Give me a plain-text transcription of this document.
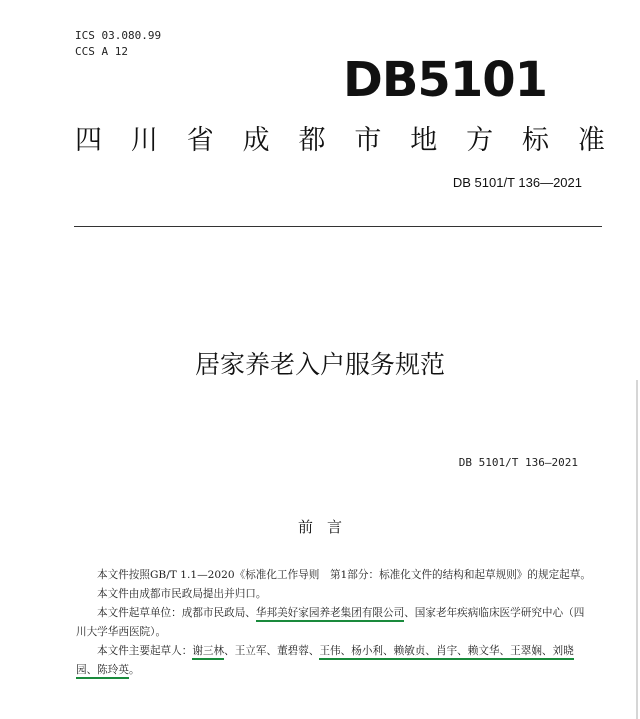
ICS 03.080.99
CCS A 12
DB5101
四 川 省 成 都 市 地 方 标 准
DB 5101/T 136—2021
居家养老入户服务规范
DB 5101/T 136—2021
前言

本文件按照GB/T 1.1—2020《标准化工作导则　第1部分：标准化文件的结构和起草规则》的规定起草。

本文件由成都市民政局提出并归口。

本文件起草单位：成都市民政局、华邦美好家园养老集团有限公司、国家老年疾病临床医学研究中心（四川大学华西医院）。

本文件主要起草人：谢三林、王立军、董碧蓉、王伟、杨小利、赖敏贞、肖宇、赖文华、王翠娴、刘晓园、陈玲英。
